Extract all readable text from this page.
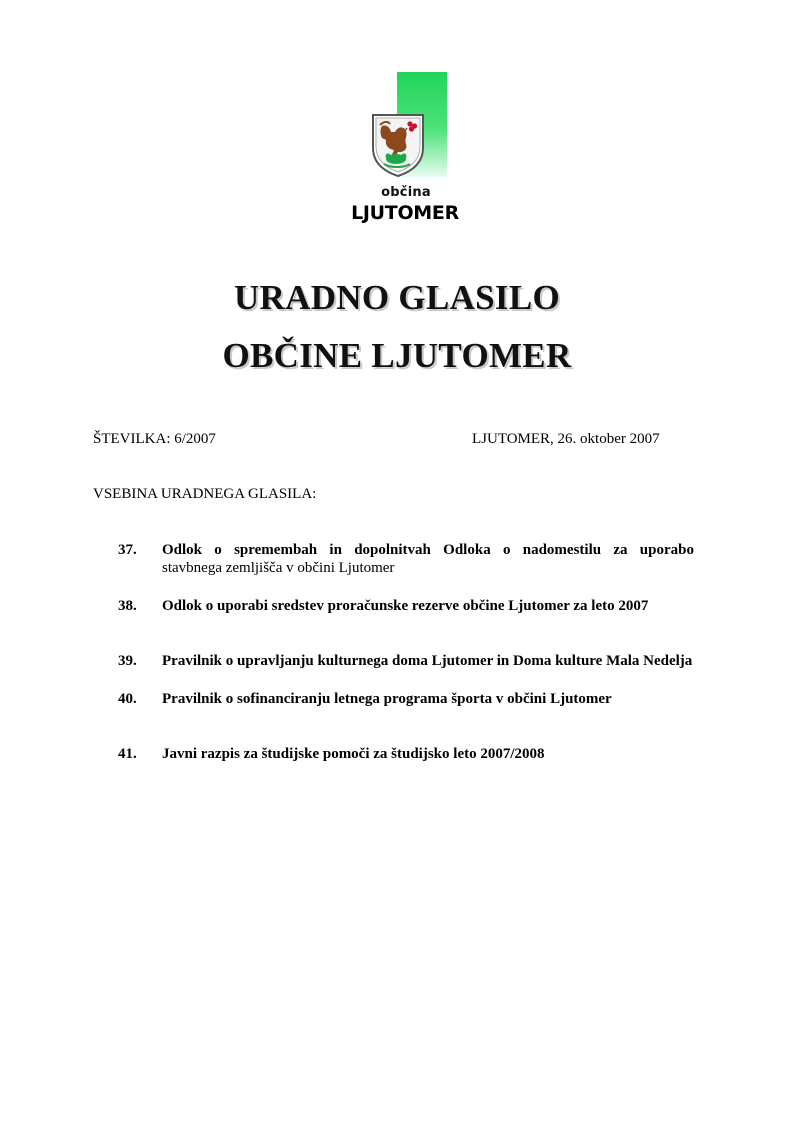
občina
LJUTOMER
URADNO GLASILO
OBČINE LJUTOMER
ŠTEVILKA: 6/2007	LJUTOMER, 26. oktober 2007
VSEBINA URADNEGA GLASILA:
37.	Odlok o spremembah in dopolnitvah Odloka o nadomestilu za uporabo
stavbnega zemljišča v občini Ljutomer
38.	Odlok o uporabi sredstev proračunske rezerve občine Ljutomer za leto 2007
39.	Pravilnik o upravljanju kulturnega doma Ljutomer in Doma kulture Mala Nedelja
40.	Pravilnik o sofinanciranju letnega programa športa v občini Ljutomer
41.	Javni razpis za študijske pomoči za študijsko leto 2007/2008
